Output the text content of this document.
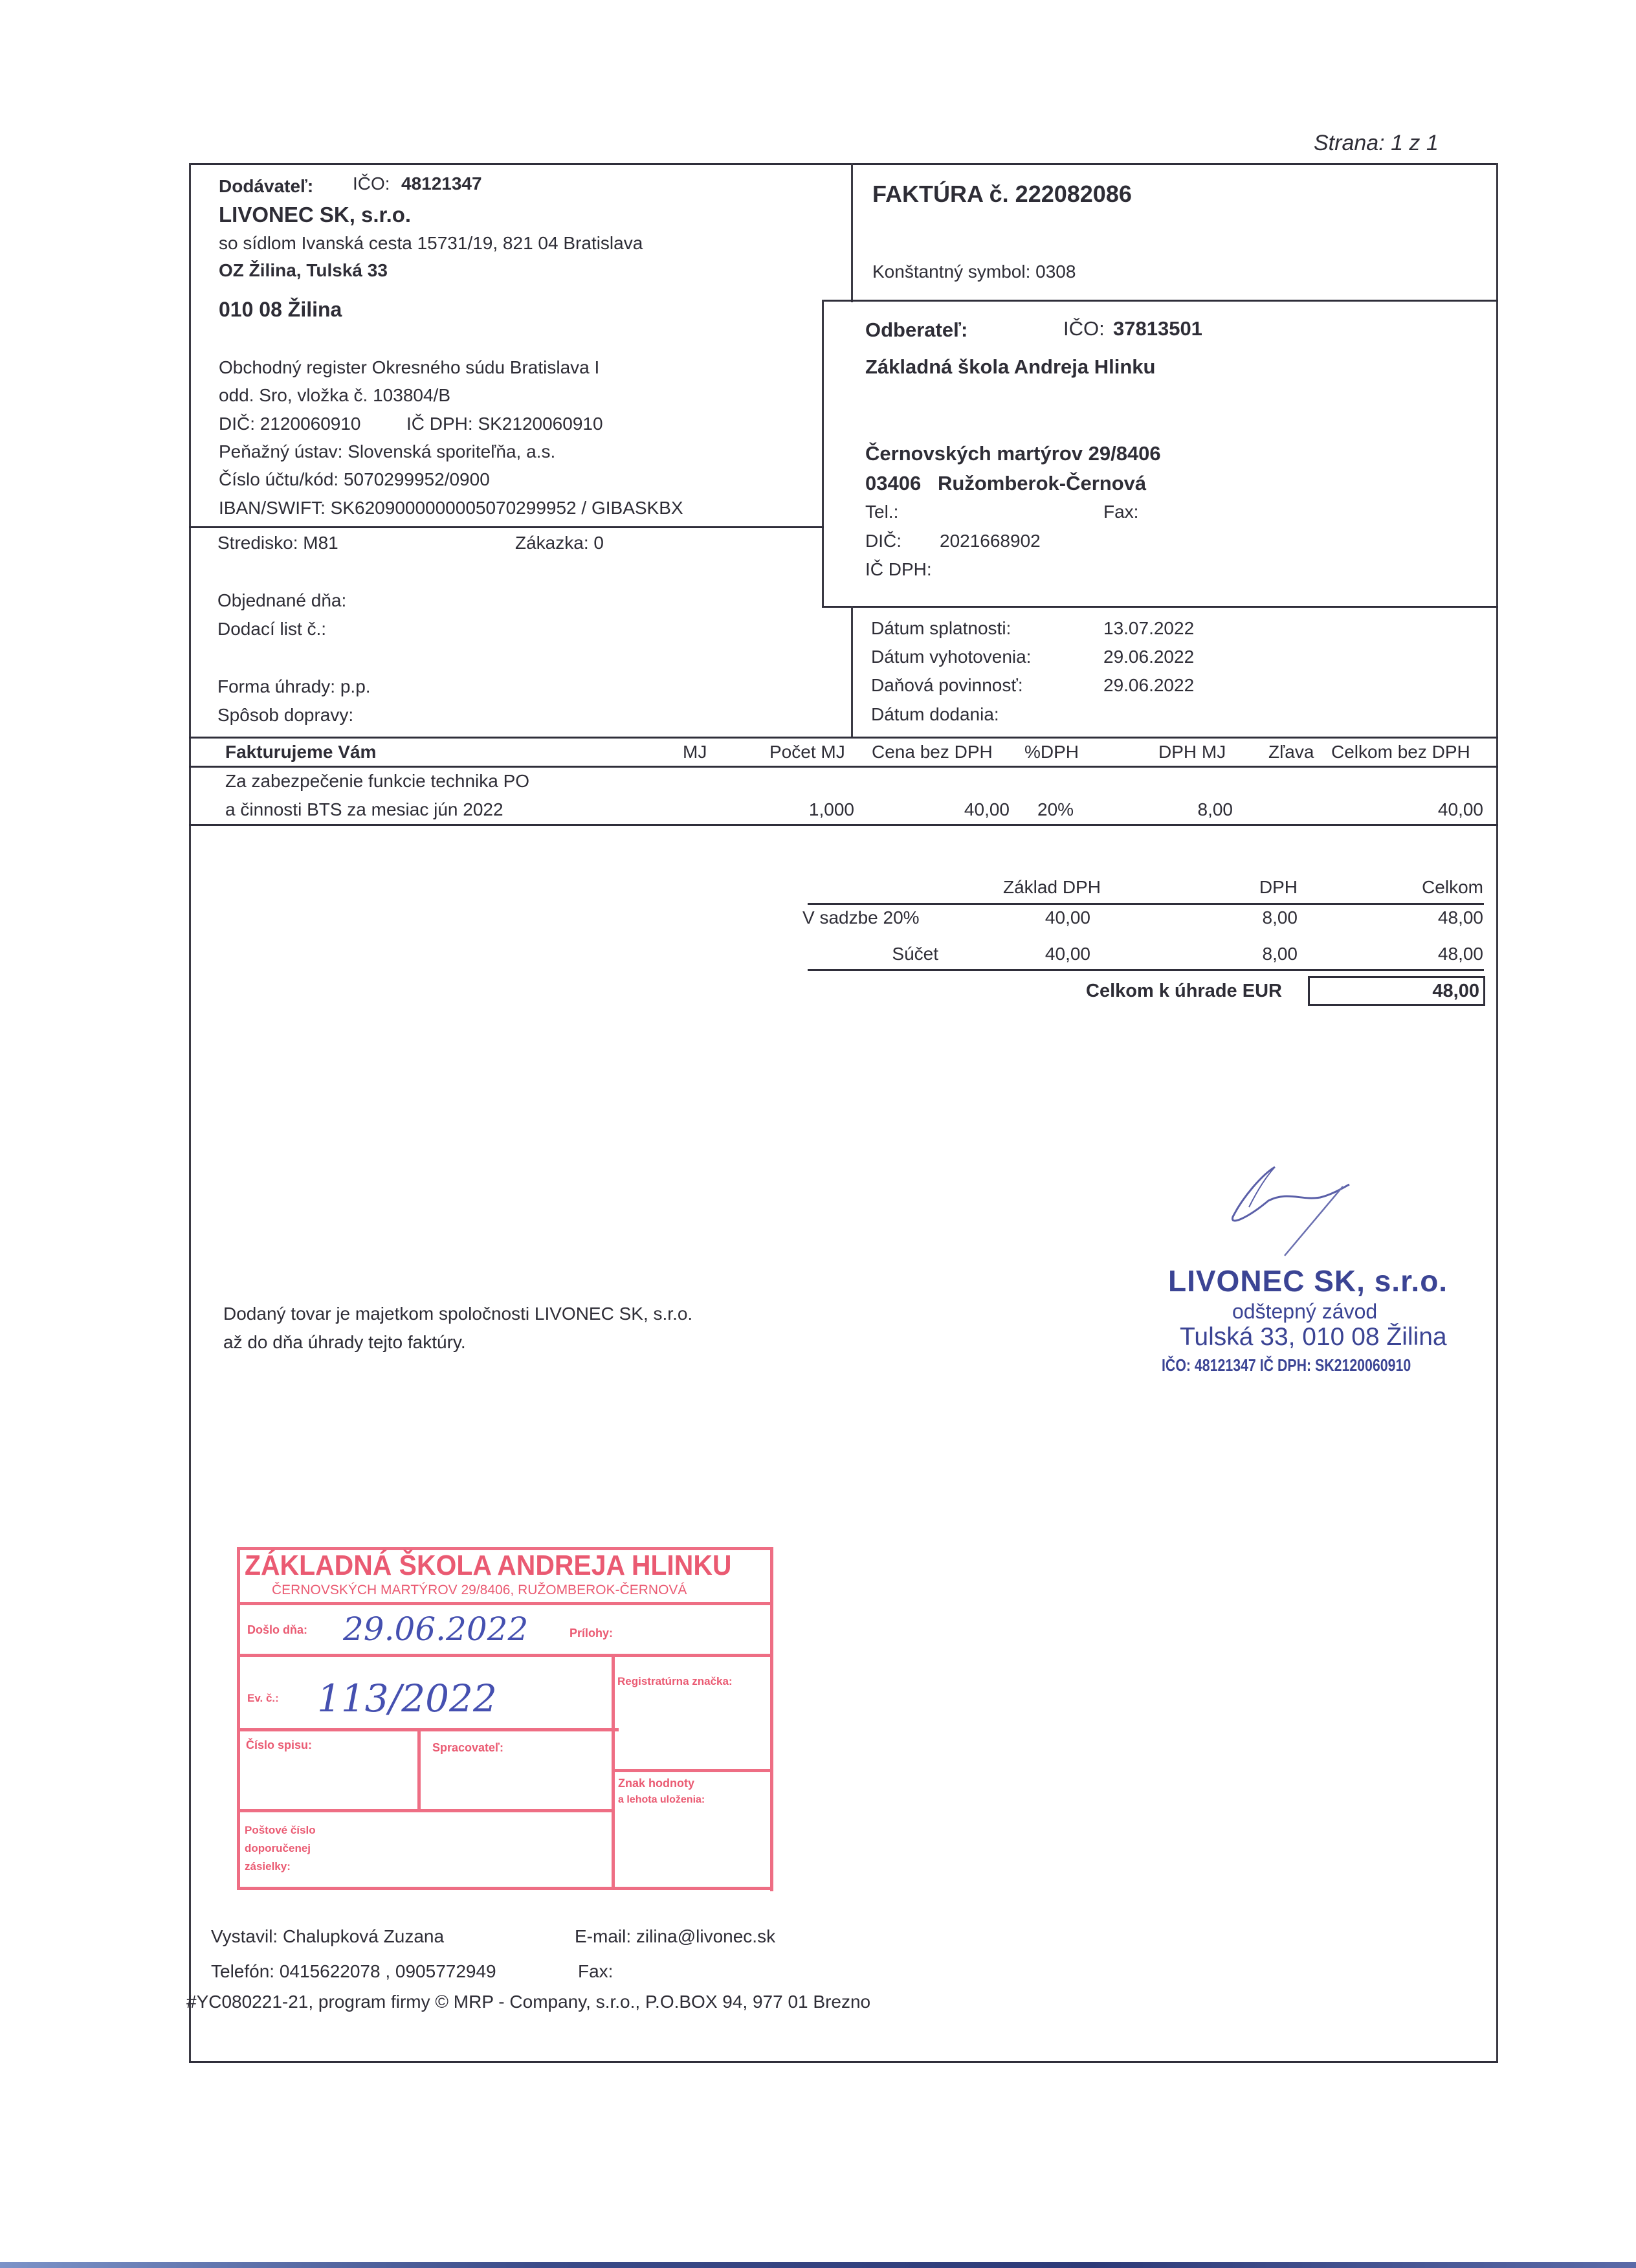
Strana: 1 z 1
Dodávateľ: IČO: 48121347
LIVONEC SK, s.r.o.
so sídlom Ivanská cesta 15731/19, 821 04 Bratislava
OZ Žilina, Tulská 33
010 08 Žilina
Obchodný register Okresného súdu Bratislava I
odd. Sro, vložka č. 103804/B
DIČ: 2120060910	IČ DPH: SK2120060910
Peňažný ústav: Slovenská sporiteľňa, a.s.
Číslo účtu/kód: 5070299952/0900
IBAN/SWIFT: SK6209000000005070299952 / GIBASKBX
FAKTÚRA č. 222082086
Konštantný symbol: 0308
Odberateľ:	IČO: 37813501
Základná škola Andreja Hlinku
Černovských martýrov 29/8406
03406   Ružomberok-Černová
Tel.:	Fax:
DIČ: 2021668902
IČ DPH:
Stredisko: M81	Zákazka: 0
Objednané dňa:
Dodací list č.:
Forma úhrady: p.p.
Spôsob dopravy:
Dátum splatnosti:	13.07.2022
Dátum vyhotovenia:	29.06.2022
Daňová povinnosť:	29.06.2022
Dátum dodania:
Fakturujeme Vám	MJ	Počet MJ Cena bez DPH %DPH	DPH MJ Zľava Celkom bez DPH
Za zabezpečenie funkcie technika PO
a činnosti BTS za mesiac jún 2022	1,000	40,00 20%	8,00	40,00
Základ DPH	DPH	Celkom
V sadzbe 20%	40,00	8,00	48,00
Súčet	40,00	8,00	48,00
Celkom k úhrade EUR	48,00
LIVONEC SK, s.r.o.
odštepný závod
Tulská 33, 010 08 Žilina
IČO: 48121347 IČ DPH: SK2120060910
Dodaný tovar je majetkom spoločnosti LIVONEC SK, s.r.o.
až do dňa úhrady tejto faktúry.
ZÁKLADNÁ ŠKOLA ANDREJA HLINKU
ČERNOVSKÝCH MARTÝROV 29/8406, RUŽOMBEROK-ČERNOVÁ
Došlo dňa: 29.06.2022	Prílohy:
Ev. č.: 113/2022	Registratúrna značka:
Číslo spisu:	Spracovateľ:
Znak hodnoty
a lehota uloženia:
Poštové číslo
doporučenej
zásielky:
Vystavil: Chalupková Zuzana	E-mail: zilina@livonec.sk
Telefón: 0415622078 , 0905772949	Fax:
#YC080221-21, program firmy © MRP - Company, s.r.o., P.O.BOX 94, 977 01 Brezno
